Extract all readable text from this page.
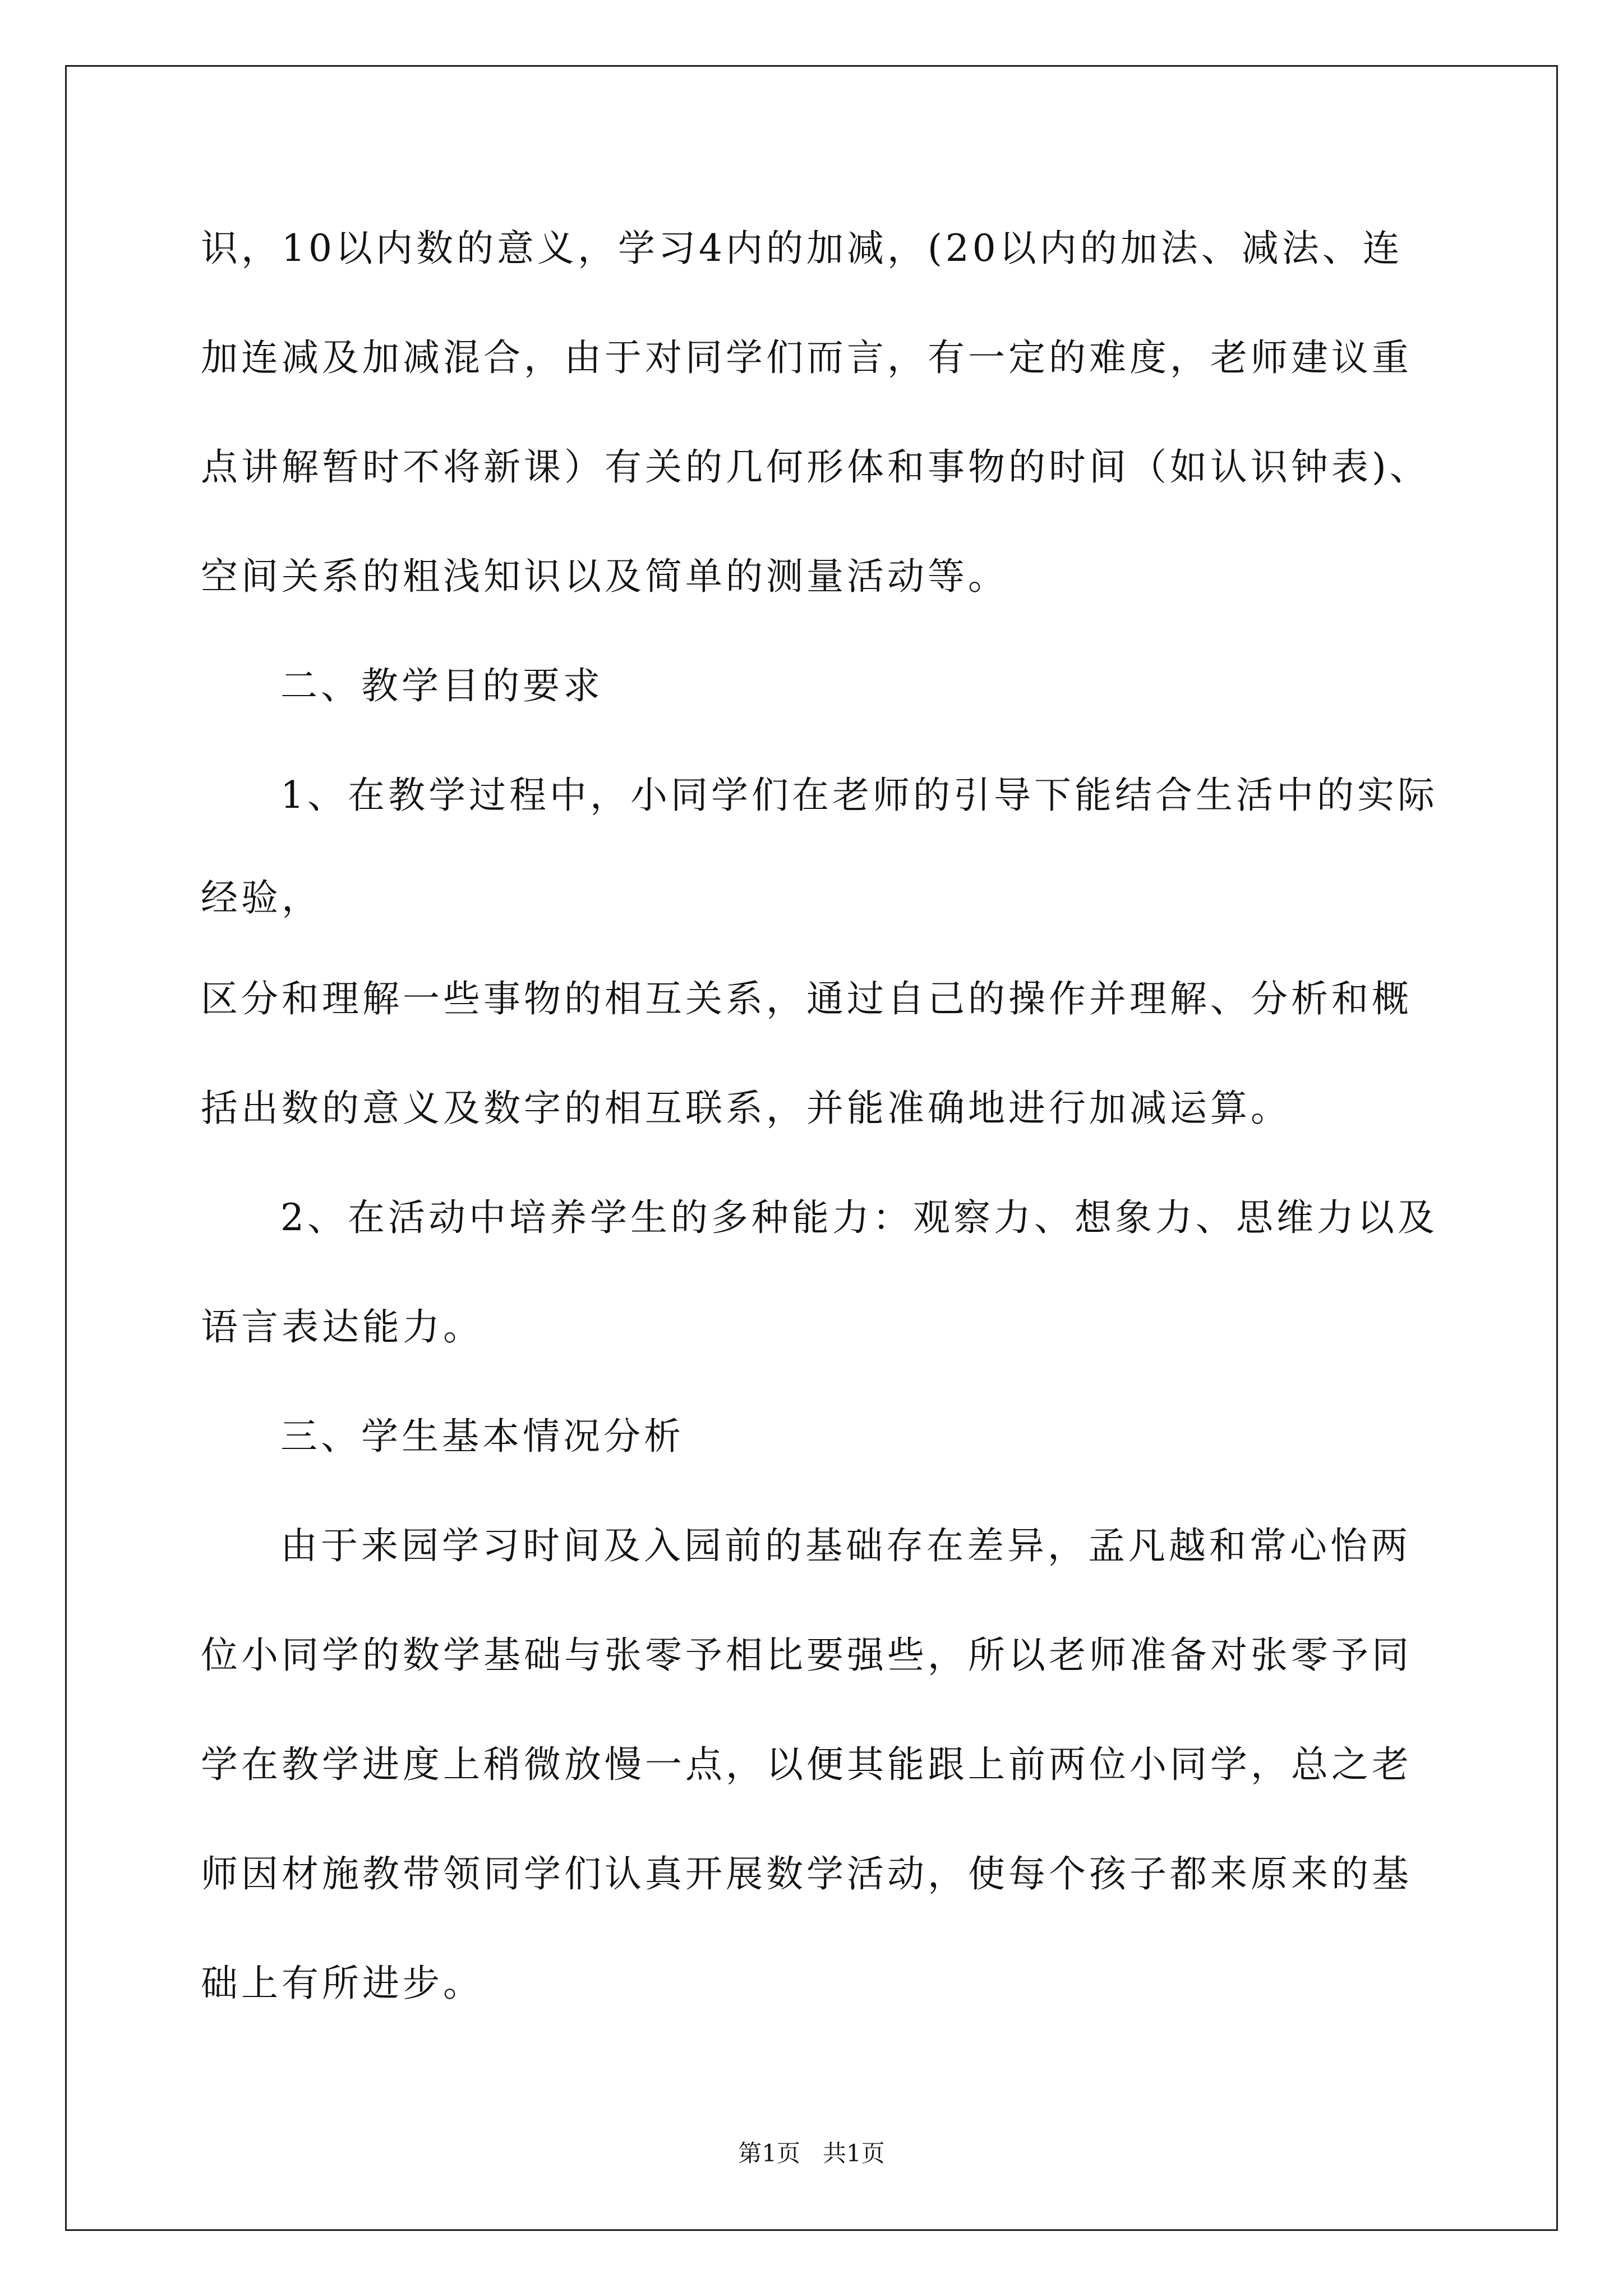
识，10以内数的意义，学习4内的加减，(20以内的加法、减法、连
加连减及加减混合，由于对同学们而言，有一定的难度，老师建议重
点讲解暂时不将新课）有关的几何形体和事物的时间（如认识钟表)、
空间关系的粗浅知识以及简单的测量活动等。
二、教学目的要求
1、在教学过程中，小同学们在老师的引导下能结合生活中的实际
经验，
区分和理解一些事物的相互关系，通过自己的操作并理解、分析和概
括出数的意义及数字的相互联系，并能准确地进行加减运算。
2、在活动中培养学生的多种能力：观察力、想象力、思维力以及
语言表达能力。
三、学生基本情况分析
由于来园学习时间及入园前的基础存在差异，孟凡越和常心怡两
位小同学的数学基础与张零予相比要强些，所以老师准备对张零予同
学在教学进度上稍微放慢一点，以便其能跟上前两位小同学，总之老
师因材施教带领同学们认真开展数学活动，使每个孩子都来原来的基
础上有所进步。
第1页   共1页
